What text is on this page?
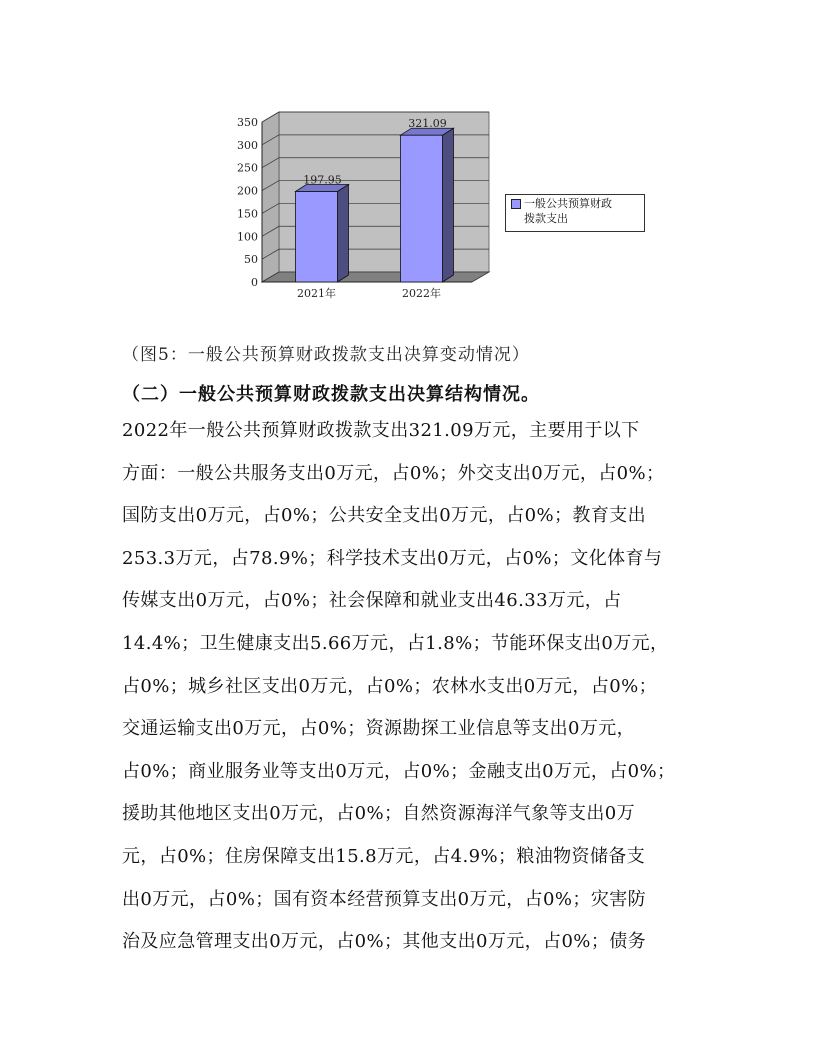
0
50
100
150
200
250
300
350
197.95
2021年
321.09
2022年
一般公共预算财政
拨款支出
（图5：一般公共预算财政拨款支出决算变动情况）
（二）一般公共预算财政拨款支出决算结构情况。
2022年一般公共预算财政拨款支出321.09万元，主要用于以下
方面：一般公共服务支出0万元，占0%；外交支出0万元，占0%；
国防支出0万元，占0%；公共安全支出0万元，占0%；教育支出
253.3万元，占78.9%；科学技术支出0万元，占0%；文化体育与
传媒支出0万元，占0%；社会保障和就业支出46.33万元，占
14.4%；卫生健康支出5.66万元，占1.8%；节能环保支出0万元，
占0%；城乡社区支出0万元，占0%；农林水支出0万元，占0%；
交通运输支出0万元，占0%；资源勘探工业信息等支出0万元，
占0%；商业服务业等支出0万元，占0%；金融支出0万元，占0%；
援助其他地区支出0万元，占0%；自然资源海洋气象等支出0万
元，占0%；住房保障支出15.8万元，占4.9%；粮油物资储备支
出0万元，占0%；国有资本经营预算支出0万元，占0%；灾害防
治及应急管理支出0万元，占0%；其他支出0万元，占0%；债务
